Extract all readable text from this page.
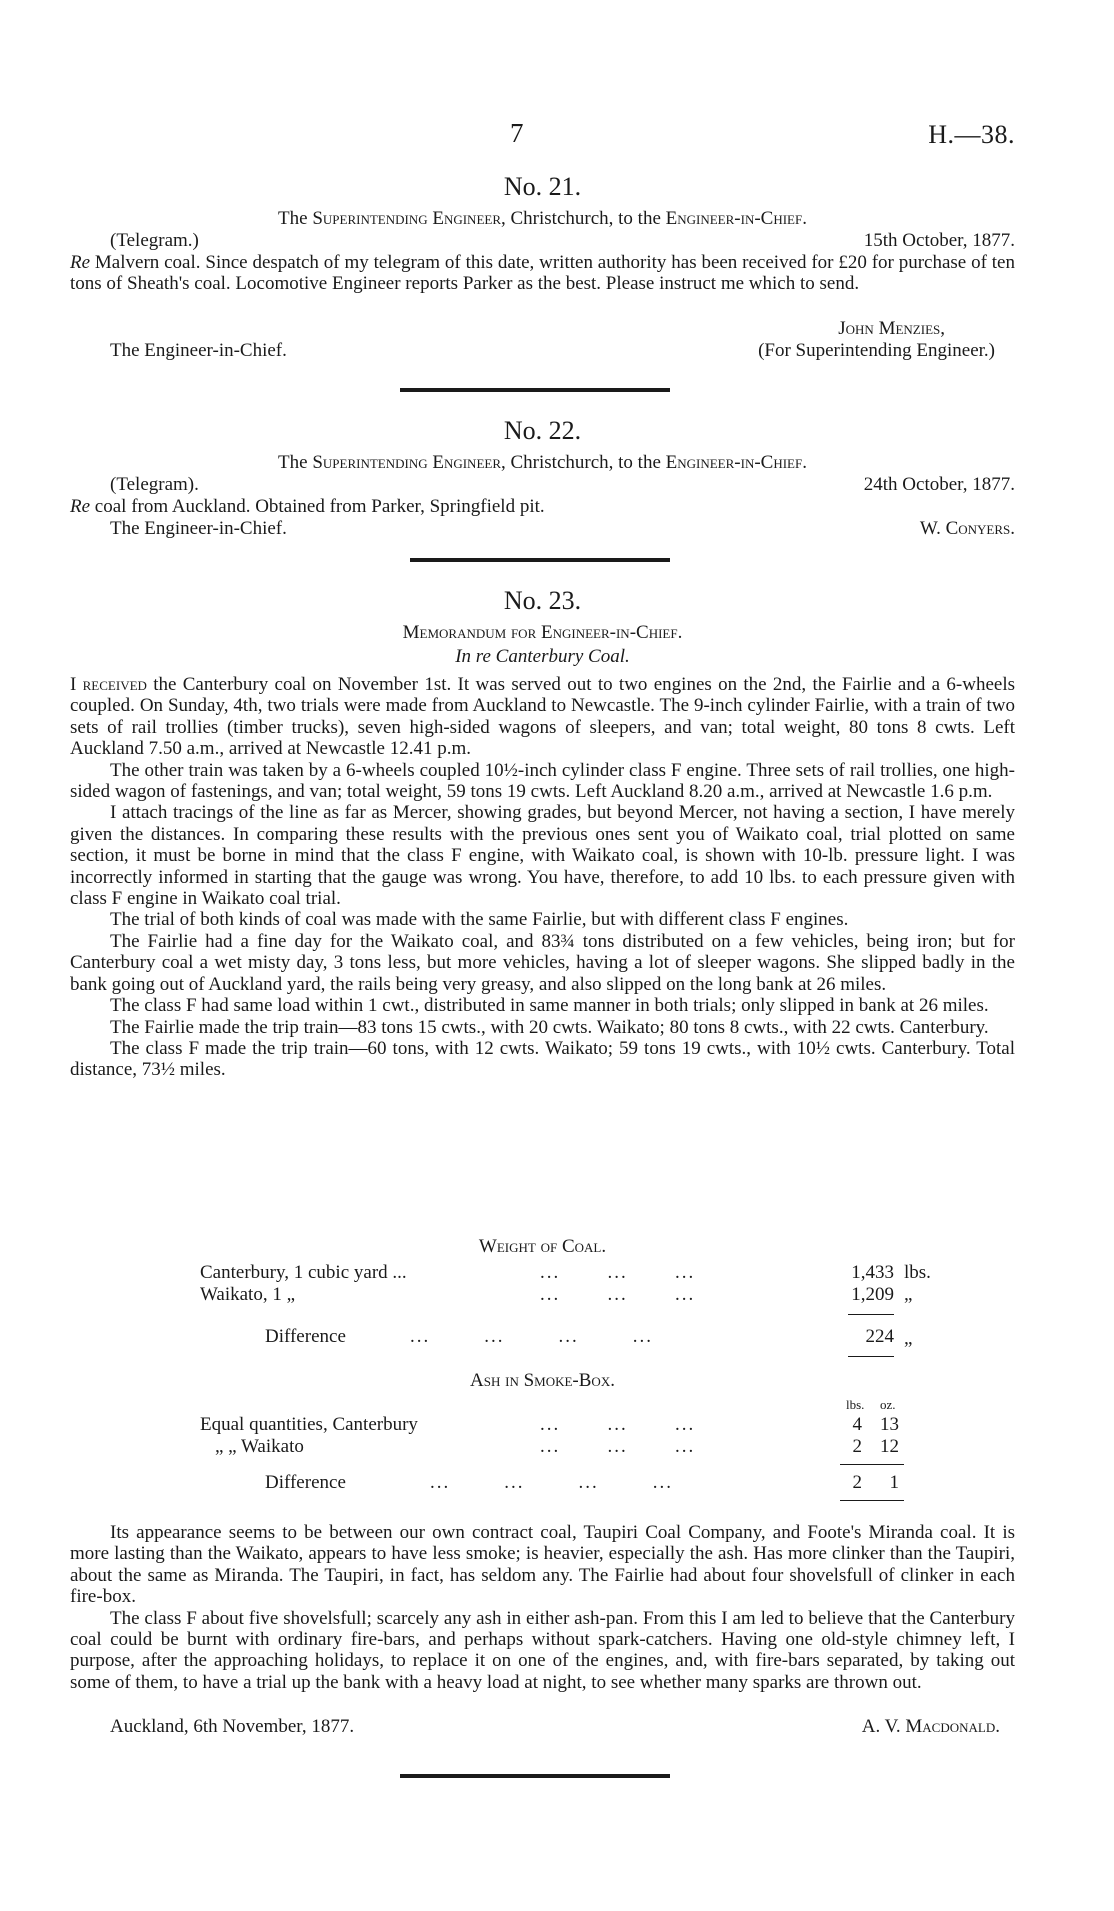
7	H.—38.
No. 21.
The Superintending Engineer, Christchurch, to the Engineer-in-Chief.
(Telegram.)	15th October, 1877.

Re Malvern coal. Since despatch of my telegram of this date, written authority has been received for £20 for purchase of ten tons of Sheath's coal. Locomotive Engineer reports Parker as the best. Please instruct me which to send.

John Menzies,
The Engineer-in-Chief.	(For Superintending Engineer.)
No. 22.
The Superintending Engineer, Christchurch, to the Engineer-in-Chief.
(Telegram).	24th October, 1877.
Re coal from Auckland. Obtained from Parker, Springfield pit.
The Engineer-in-Chief.	W. Conyers.
No. 23.
Memorandum for Engineer-in-Chief.
In re Canterbury Coal.

I received the Canterbury coal on November 1st. It was served out to two engines on the 2nd, the Fairlie and a 6-wheels coupled. On Sunday, 4th, two trials were made from Auckland to Newcastle. The 9-inch cylinder Fairlie, with a train of two sets of rail trollies (timber trucks), seven high-sided wagons of sleepers, and van; total weight, 80 tons 8 cwts. Left Auckland 7.50 a.m., arrived at Newcastle 12.41 p.m.

The other train was taken by a 6-wheels coupled 10½-inch cylinder class F engine. Three sets of rail trollies, one high-sided wagon of fastenings, and van; total weight, 59 tons 19 cwts. Left Auckland 8.20 a.m., arrived at Newcastle 1.6 p.m.

I attach tracings of the line as far as Mercer, showing grades, but beyond Mercer, not having a section, I have merely given the distances. In comparing these results with the previous ones sent you of Waikato coal, trial plotted on same section, it must be borne in mind that the class F engine, with Waikato coal, is shown with 10-lb. pressure light. I was incorrectly informed in starting that the gauge was wrong. You have, therefore, to add 10 lbs. to each pressure given with class F engine in Waikato coal trial.

The trial of both kinds of coal was made with the same Fairlie, but with different class F engines.

The Fairlie had a fine day for the Waikato coal, and 83¾ tons distributed on a few vehicles, being iron; but for Canterbury coal a wet misty day, 3 tons less, but more vehicles, having a lot of sleeper wagons. She slipped badly in the bank going out of Auckland yard, the rails being very greasy, and also slipped on the long bank at 26 miles.

The class F had same load within 1 cwt., distributed in same manner in both trials; only slipped in bank at 26 miles.

The Fairlie made the trip train—83 tons 15 cwts., with 20 cwts. Waikato; 80 tons 8 cwts., with 22 cwts. Canterbury.

The class F made the trip train—60 tons, with 12 cwts. Waikato; 59 tons 19 cwts., with 10½ cwts. Canterbury. Total distance, 73½ miles.

Weight of Coal.
Canterbury, 1 cubic yard ...	... ... ...	1,433 lbs.
Waikato, 1 „	... ... ...	1,209 „
Difference	...	...	...	...	224 „
Ash in Smoke-Box.
lbs. oz.
Equal quantities, Canterbury	... ... ...	4 13
„ „ Waikato	... ... ...	2 12
Difference	...	...	...	...	2	1

Its appearance seems to be between our own contract coal, Taupiri Coal Company, and Foote's Miranda coal. It is more lasting than the Waikato, appears to have less smoke; is heavier, especially the ash. Has more clinker than the Taupiri, about the same as Miranda. The Taupiri, in fact, has seldom any. The Fairlie had about four shovelsfull of clinker in each fire-box.

The class F about five shovelsfull; scarcely any ash in either ash-pan. From this I am led to believe that the Canterbury coal could be burnt with ordinary fire-bars, and perhaps without spark-catchers. Having one old-style chimney left, I purpose, after the approaching holidays, to replace it on one of the engines, and, with fire-bars separated, by taking out some of them, to have a trial up the bank with a heavy load at night, to see whether many sparks are thrown out.

Auckland, 6th November, 1877.	A. V. Macdonald.
